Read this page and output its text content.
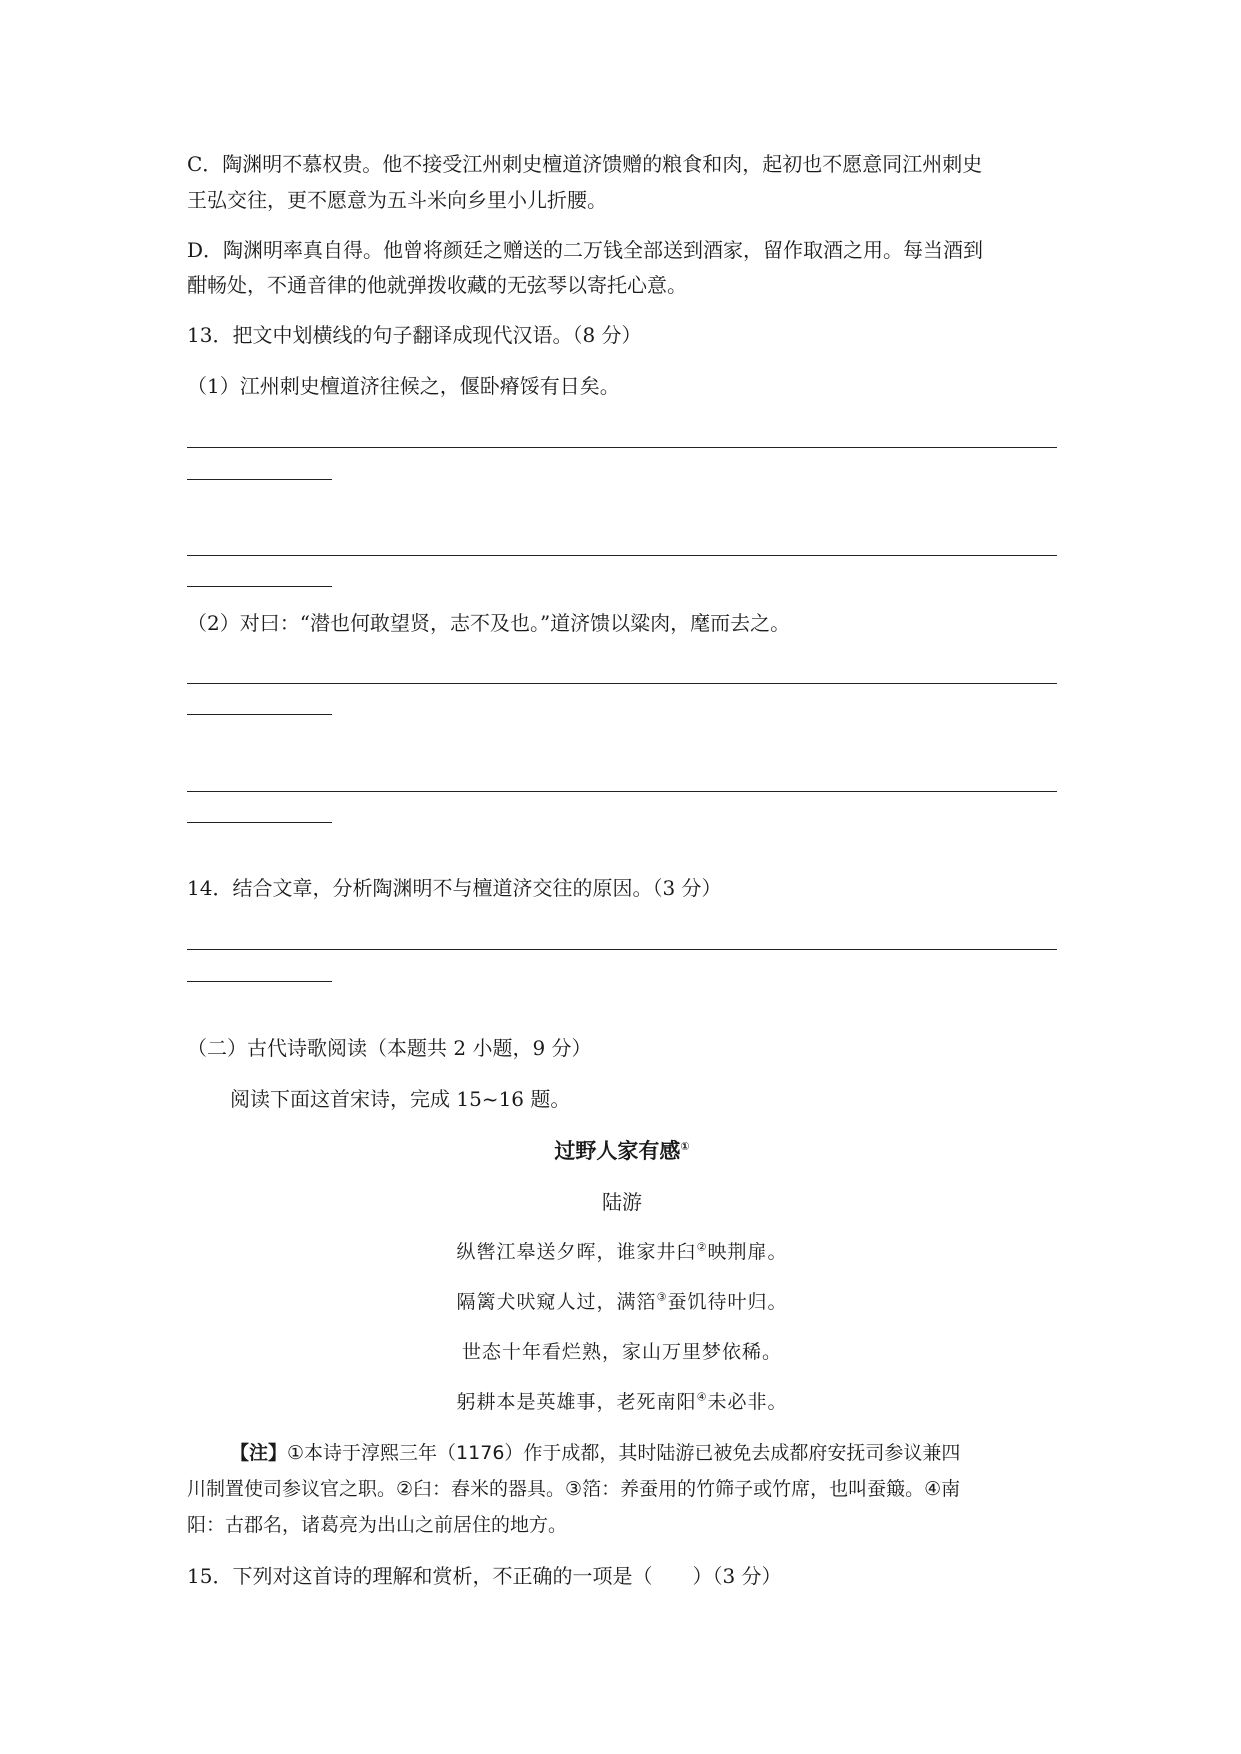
C．陶渊明不慕权贵。他不接受江州刺史檀道济馈赠的粮食和肉，起初也不愿意同江州刺史
王弘交往，更不愿意为五斗米向乡里小儿折腰。
D．陶渊明率真自得。他曾将颜廷之赠送的二万钱全部送到酒家，留作取酒之用。每当酒到
酣畅处，不通音律的他就弹拨收藏的无弦琴以寄托心意。
13．把文中划横线的句子翻译成现代汉语。（8 分）
（1）江州刺史檀道济往候之，偃卧瘠馁有日矣。
（2）对曰：“潜也何敢望贤，志不及也。”道济馈以粱肉，麾而去之。
14．结合文章，分析陶渊明不与檀道济交往的原因。（3 分）
（二）古代诗歌阅读（本题共 2 小题，9 分）
阅读下面这首宋诗，完成 15~16 题。
过野人家有感①
陆游
纵辔江皋送夕晖，谁家井臼②映荆扉。
隔篱犬吠窥人过，满箔③蚕饥待叶归。
世态十年看烂熟，家山万里梦依稀。
躬耕本是英雄事，老死南阳④未必非。
【注】①本诗于淳熙三年（1176）作于成都，其时陆游已被免去成都府安抚司参议兼四
川制置使司参议官之职。②臼：舂米的器具。③箔：养蚕用的竹筛子或竹席，也叫蚕簸。④南
阳：古郡名，诸葛亮为出山之前居住的地方。
15．下列对这首诗的理解和赏析，不正确的一项是（　　）（3 分）
